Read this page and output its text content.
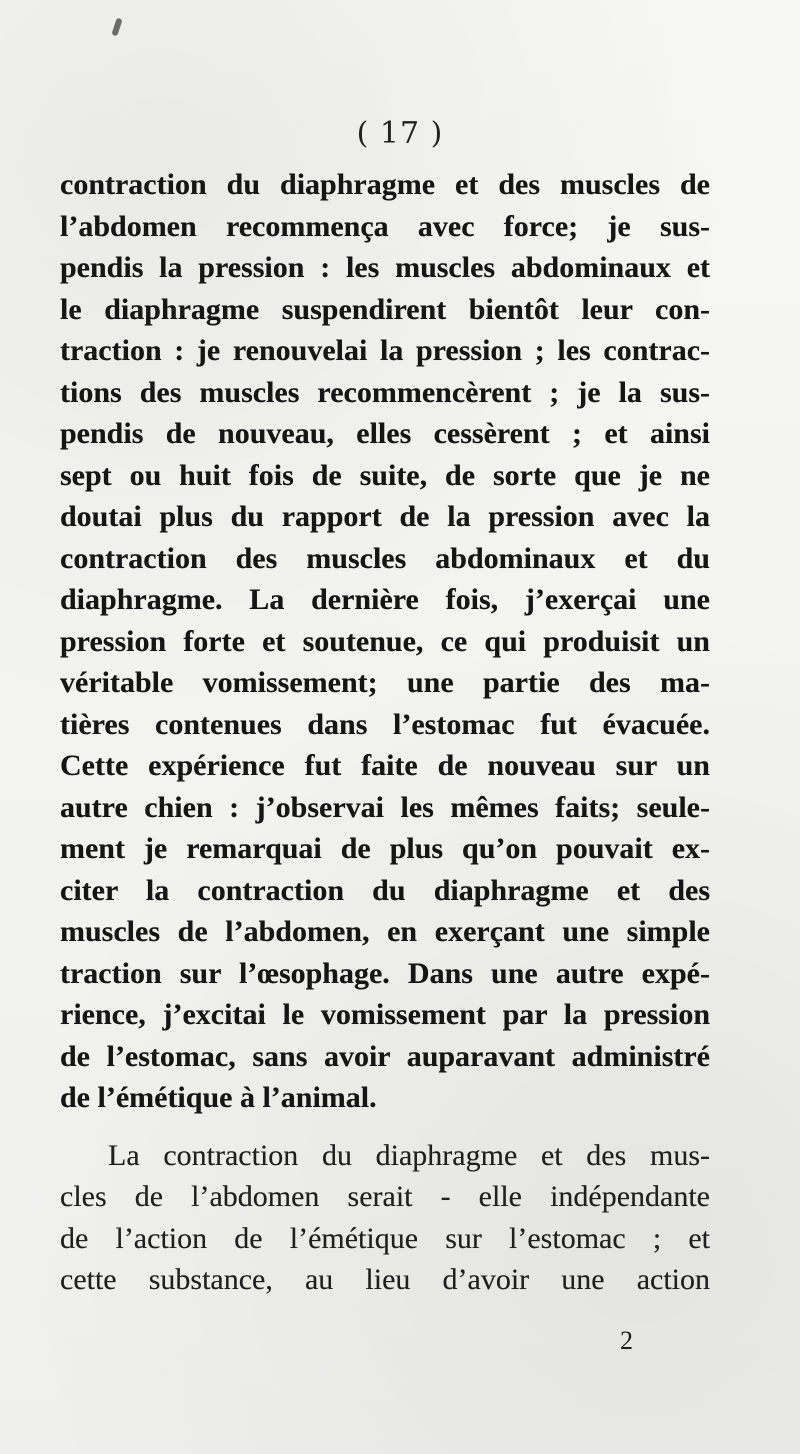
( 17 )
contraction du diaphragme et des muscles de
l’abdomen recommença avec force; je sus-
pendis la pression : les muscles abdominaux et
le diaphragme suspendirent bientôt leur con-
traction : je renouvelai la pression ; les contrac-
tions des muscles recommencèrent ; je la sus-
pendis de nouveau, elles cessèrent ; et ainsi
sept ou huit fois de suite, de sorte que je ne
doutai plus du rapport de la pression avec la
contraction des muscles abdominaux et du
diaphragme. La dernière fois, j’exerçai une
pression forte et soutenue, ce qui produisit un
véritable vomissement; une partie des ma-
tières contenues dans l’estomac fut évacuée.
Cette expérience fut faite de nouveau sur un
autre chien : j’observai les mêmes faits; seule-
ment je remarquai de plus qu’on pouvait ex-
citer la contraction du diaphragme et des
muscles de l’abdomen, en exerçant une simple
traction sur l’œsophage. Dans une autre expé-
rience, j’excitai le vomissement par la pression
de l’estomac, sans avoir auparavant administré
de l’émétique à l’animal.
La contraction du diaphragme et des mus-
cles de l’abdomen serait - elle indépendante
de l’action de l’émétique sur l’estomac ; et
cette substance, au lieu d’avoir une action
2
